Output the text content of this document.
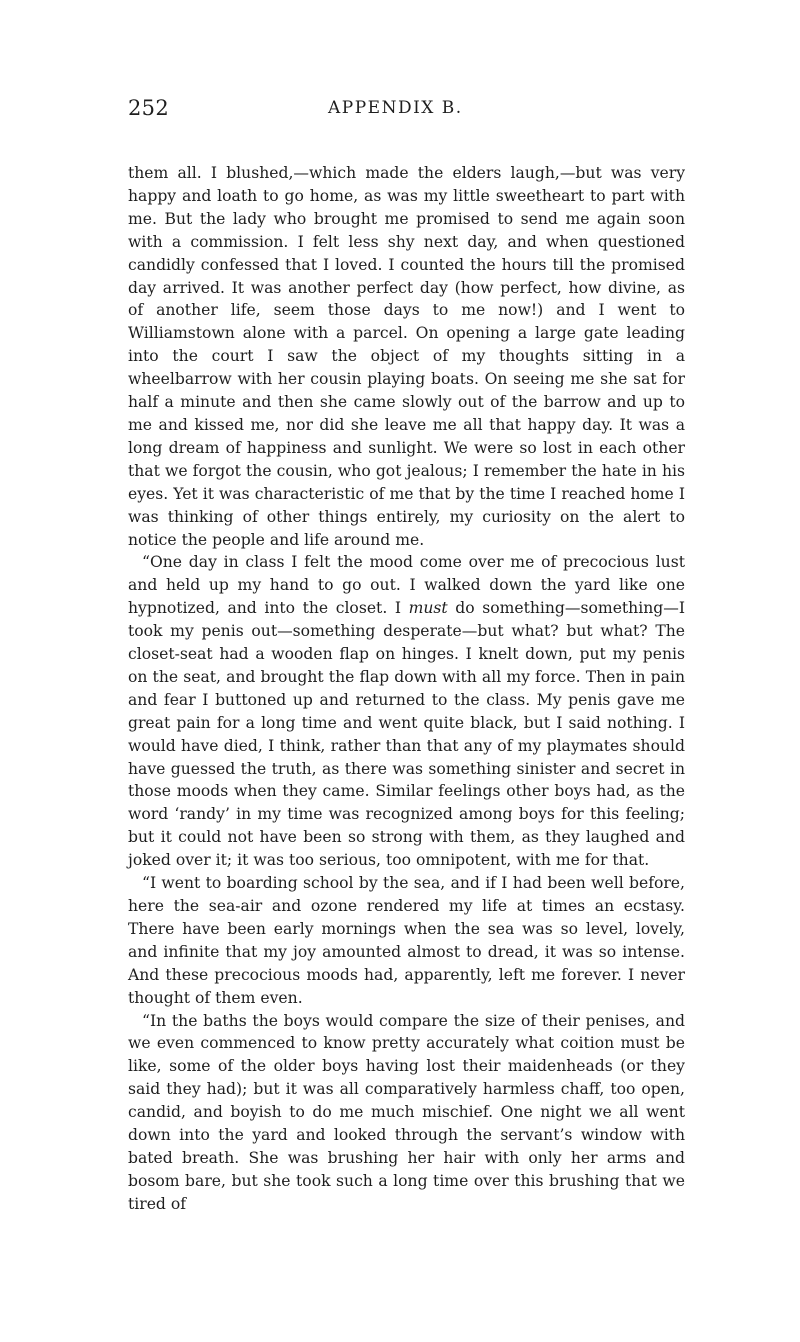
252	APPENDIX B.

them all. I blushed,—which made the elders laugh,—but was very happy and loath to go home, as was my little sweetheart to part with me. But the lady who brought me promised to send me again soon with a commission. I felt less shy next day, and when questioned candidly confessed that I loved. I counted the hours till the promised day arrived. It was another perfect day (how perfect, how divine, as of another life, seem those days to me now!) and I went to Williamstown alone with a parcel. On opening a large gate leading into the court I saw the object of my thoughts sitting in a wheelbarrow with her cousin playing boats. On seeing me she sat for half a minute and then she came slowly out of the barrow and up to me and kissed me, nor did she leave me all that happy day. It was a long dream of happiness and sunlight. We were so lost in each other that we forgot the cousin, who got jealous; I remember the hate in his eyes. Yet it was characteristic of me that by the time I reached home I was thinking of other things entirely, my curiosity on the alert to notice the people and life around me.

“One day in class I felt the mood come over me of precocious lust and held up my hand to go out. I walked down the yard like one hypnotized, and into the closet. I must do something—something—I took my penis out—something desperate—but what? but what? The closet-seat had a wooden flap on hinges. I knelt down, put my penis on the seat, and brought the flap down with all my force. Then in pain and fear I buttoned up and returned to the class. My penis gave me great pain for a long time and went quite black, but I said nothing. I would have died, I think, rather than that any of my playmates should have guessed the truth, as there was something sinister and secret in those moods when they came. Similar feelings other boys had, as the word ‘randy’ in my time was recognized among boys for this feeling; but it could not have been so strong with them, as they laughed and joked over it; it was too serious, too omnipotent, with me for that.

“I went to boarding school by the sea, and if I had been well before, here the sea-air and ozone rendered my life at times an ecstasy. There have been early mornings when the sea was so level, lovely, and infinite that my joy amounted almost to dread, it was so intense. And these precocious moods had, apparently, left me forever. I never thought of them even.

“In the baths the boys would compare the size of their penises, and we even commenced to know pretty accurately what coition must be like, some of the older boys having lost their maidenheads (or they said they had); but it was all comparatively harmless chaff, too open, candid, and boyish to do me much mischief. One night we all went down into the yard and looked through the servant’s window with bated breath. She was brushing her hair with only her arms and bosom bare, but she took such a long time over this brushing that we tired of
